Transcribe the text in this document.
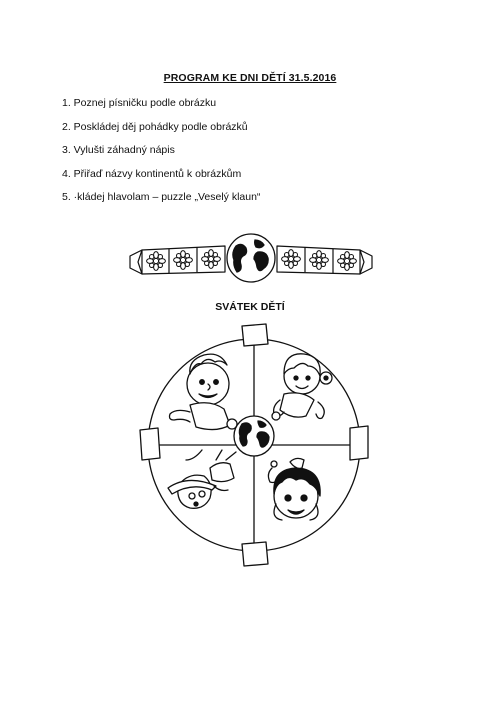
PROGRAM KE DNI DĚTÍ 31.5.2016
1. Poznej písničku podle obrázku
2. Poskládej děj pohádky podle obrázků
3. Vylušti záhadný nápis
4. Přiřaď názvy kontinentů k obrázkům
5. ·kládej hlavolam – puzzle „Veselý klaun“
SVÁTEK DĚTÍ
